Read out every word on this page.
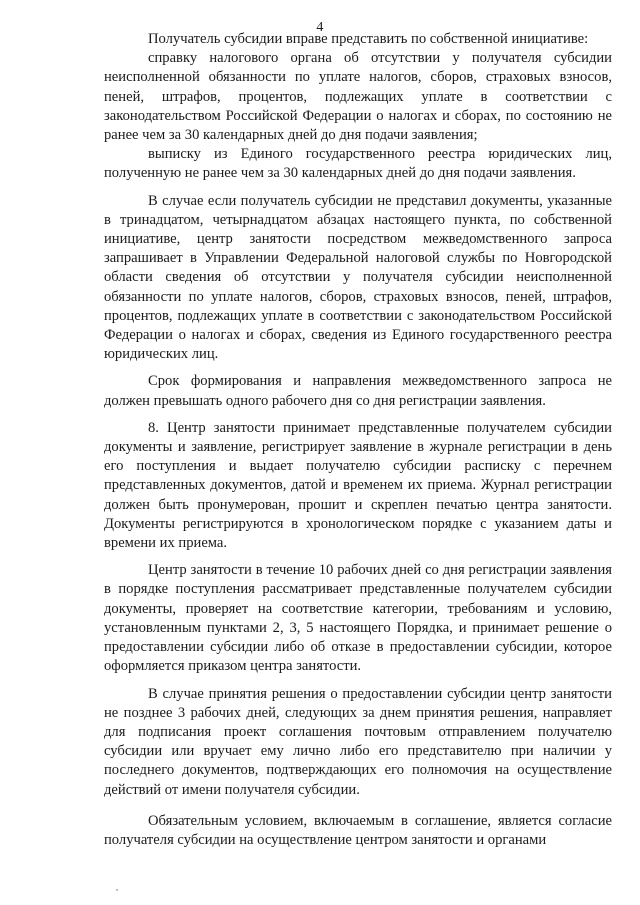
4

Получатель субсидии вправе представить по собственной инициативе:

справку налогового органа об отсутствии у получателя субсидии неисполненной обязанности по уплате налогов, сборов, страховых взносов, пеней, штрафов, процентов, подлежащих уплате в соответствии с законодательством Российской Федерации о налогах и сборах, по состоянию не ранее чем за 30 календарных дней до дня подачи заявления;

выписку из Единого государственного реестра юридических лиц, полученную не ранее чем за 30 календарных дней до дня подачи заявления.

В случае если получатель субсидии не представил документы, указанные в тринадцатом, четырнадцатом абзацах настоящего пункта, по собственной инициативе, центр занятости посредством межведомственного запроса запрашивает в Управлении Федеральной налоговой службы по Новгородской области сведения об отсутствии у получателя субсидии неисполненной обязанности по уплате налогов, сборов, страховых взносов, пеней, штрафов, процентов, подлежащих уплате в соответствии с законодательством Российской Федерации о налогах и сборах, сведения из Единого государственного реестра юридических лиц.

Срок формирования и направления межведомственного запроса не должен превышать одного рабочего дня со дня регистрации заявления.

8. Центр занятости принимает представленные получателем субсидии документы и заявление, регистрирует заявление в журнале регистрации в день его поступления и выдает получателю субсидии расписку с перечнем представленных документов, датой и временем их приема. Журнал регистрации должен быть пронумерован, прошит и скреплен печатью центра занятости. Документы регистрируются в хронологическом порядке с указанием даты и времени их приема.

Центр занятости в течение 10 рабочих дней со дня регистрации заявления в порядке поступления рассматривает представленные получателем субсидии документы, проверяет на соответствие категории, требованиям и условию, установленным пунктами 2, 3, 5 настоящего Порядка, и принимает решение о предоставлении субсидии либо об отказе в предоставлении субсидии, которое оформляется приказом центра занятости.

В случае принятия решения о предоставлении субсидии центр занятости не позднее 3 рабочих дней, следующих за днем принятия решения, направляет для подписания проект соглашения почтовым отправлением получателю субсидии или вручает ему лично либо его представителю при наличии у последнего документов, подтверждающих его полномочия на осуществление действий от имени получателя субсидии.

Обязательным условием, включаемым в соглашение, является согласие получателя субсидии на осуществление центром занятости и органами
